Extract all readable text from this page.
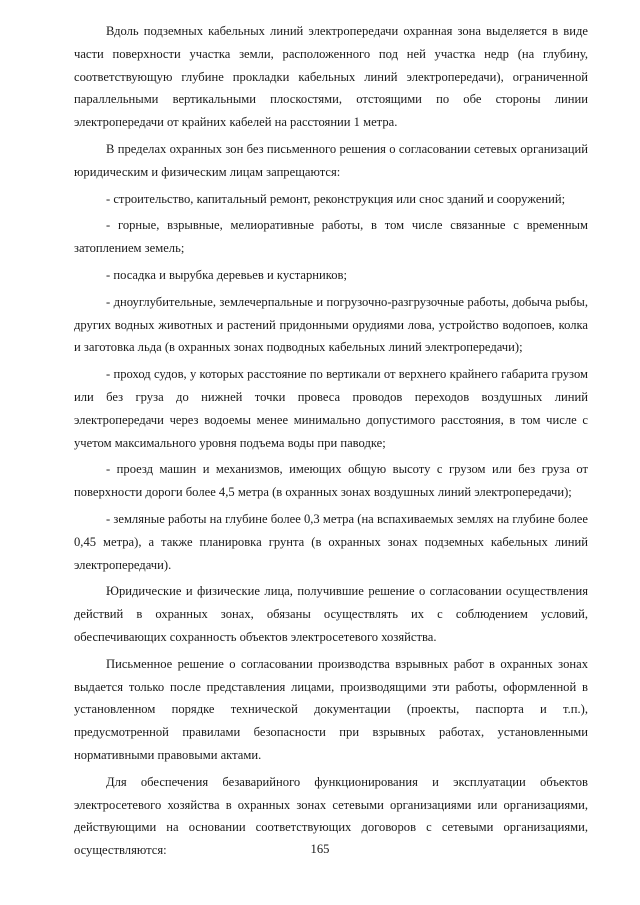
Вдоль подземных кабельных линий электропередачи охранная зона выделяется в виде части поверхности участка земли, расположенного под ней участка недр (на глубину, соответствующую глубине прокладки кабельных линий электропередачи), ограниченной параллельными вертикальными плоскостями, отстоящими по обе стороны линии электропередачи от крайних кабелей на расстоянии 1 метра.

В пределах охранных зон без письменного решения о согласовании сетевых организаций юридическим и физическим лицам запрещаются:

- строительство, капитальный ремонт, реконструкция или снос зданий и сооружений;

- горные, взрывные, мелиоративные работы, в том числе связанные с временным затоплением земель;

- посадка и вырубка деревьев и кустарников;

- дноуглубительные, землечерпальные и погрузочно-разгрузочные работы, добыча рыбы, других водных животных и растений придонными орудиями лова, устройство водопоев, колка и заготовка льда (в охранных зонах подводных кабельных линий электропередачи);

- проход судов, у которых расстояние по вертикали от верхнего крайнего габарита грузом или без груза до нижней точки провеса проводов переходов воздушных линий электропередачи через водоемы менее минимально допустимого расстояния, в том числе с учетом максимального уровня подъема воды при паводке;

- проезд машин и механизмов, имеющих общую высоту с грузом или без груза от поверхности дороги более 4,5 метра (в охранных зонах воздушных линий электропередачи);

- земляные работы на глубине более 0,3 метра (на вспахиваемых землях на глубине более 0,45 метра), а также планировка грунта (в охранных зонах подземных кабельных линий электропередачи).

Юридические и физические лица, получившие решение о согласовании осуществления действий в охранных зонах, обязаны осуществлять их с соблюдением условий, обеспечивающих сохранность объектов электросетевого хозяйства.

Письменное решение о согласовании производства взрывных работ в охранных зонах выдается только после представления лицами, производящими эти работы, оформленной в установленном порядке технической документации (проекты, паспорта и т.п.), предусмотренной правилами безопасности при взрывных работах, установленными нормативными правовыми актами.

Для обеспечения безаварийного функционирования и эксплуатации объектов электросетевого хозяйства в охранных зонах сетевыми организациями или организациями, действующими на основании соответствующих договоров с сетевыми организациями, осуществляются:	165
